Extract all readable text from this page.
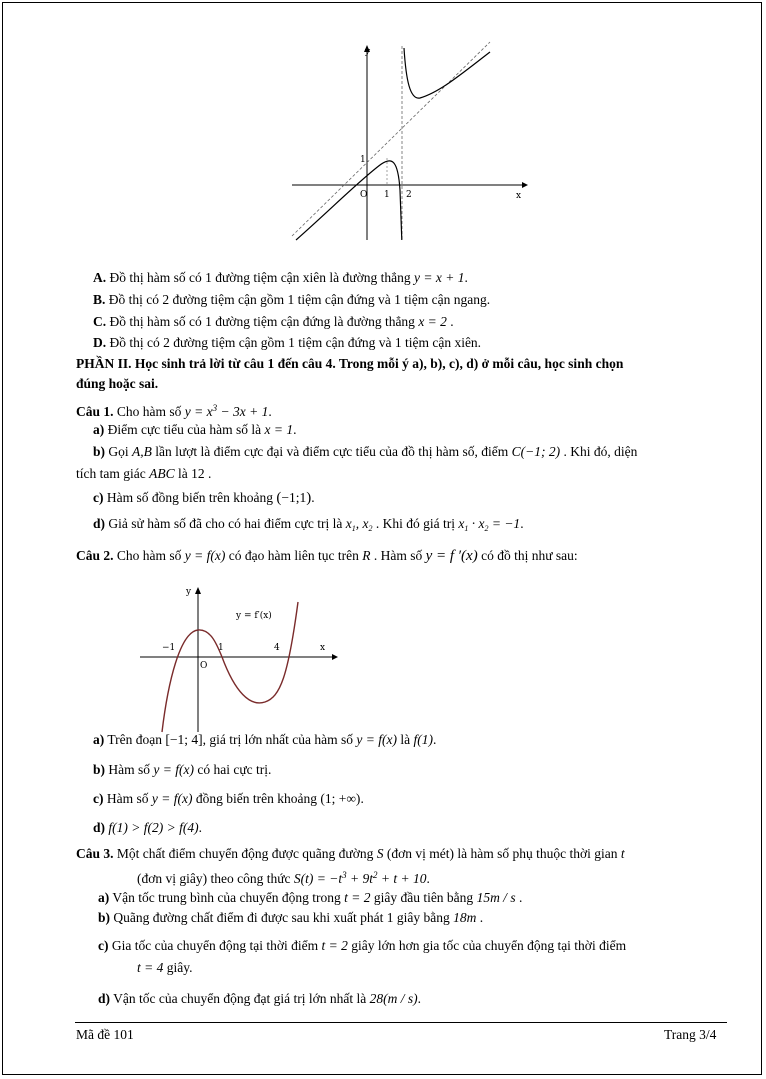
y
x
O 1 2
1
A. Đồ thị hàm số có 1 đường tiệm cận xiên là đường thẳng y = x + 1.
B. Đồ thị có 2 đường tiệm cận gồm 1 tiệm cận đứng và 1 tiệm cận ngang.
C. Đồ thị hàm số có 1 đường tiệm cận đứng là đường thẳng x = 2 .
D. Đồ thị có 2 đường tiệm cận gồm 1 tiệm cận đứng và 1 tiệm cận xiên.
PHẦN II. Học sinh trả lời từ câu 1 đến câu 4. Trong mỗi ý a), b), c), d) ở mỗi câu, học sinh chọn
đúng hoặc sai.
Câu 1. Cho hàm số $y = x^3 - 3x + 1$.
a) Điểm cực tiểu của hàm số là x = 1.
b) Gọi A,B lần lượt là điểm cực đại và điểm cực tiểu của đồ thị hàm số, điểm C(−1; 2) . Khi đó, diện
tích tam giác ABC là 12 .
c) Hàm số đồng biến trên khoảng (−1;1).
d) Giả sử hàm số đã cho có hai điểm cực trị là $x_1$, $x_2$ . Khi đó giá trị $x_1 \cdot x_2 = -1$.
Câu 2. Cho hàm số y = f(x) có đạo hàm liên tục trên R . Hàm số y = f ′(x) có đồ thị như sau:
y
x
O
−1	1	4
y = f′(x)
a) Trên đoạn [−1; 4], giá trị lớn nhất của hàm số y = f(x) là f(1).
b) Hàm số y = f(x) có hai cực trị.
c) Hàm số y = f(x) đồng biến trên khoảng (1; +∞).
d) f(1) > f(2) > f(4).
Câu 3. Một chất điểm chuyển động được quãng đường S (đơn vị mét) là hàm số phụ thuộc thời gian t
(đơn vị giây) theo công thức $S(t) = -t^3 + 9t^2 + t + 10$.
a) Vận tốc trung bình của chuyển động trong t = 2 giây đầu tiên bằng 15m / s .
b) Quãng đường chất điểm đi được sau khi xuất phát 1 giây bằng 18m .
c) Gia tốc của chuyển động tại thời điểm t = 2 giây lớn hơn gia tốc của chuyển động tại thời điểm
t = 4 giây.
d) Vận tốc của chuyển động đạt giá trị lớn nhất là 28(m / s).
Mã đề 101	Trang 3/4
